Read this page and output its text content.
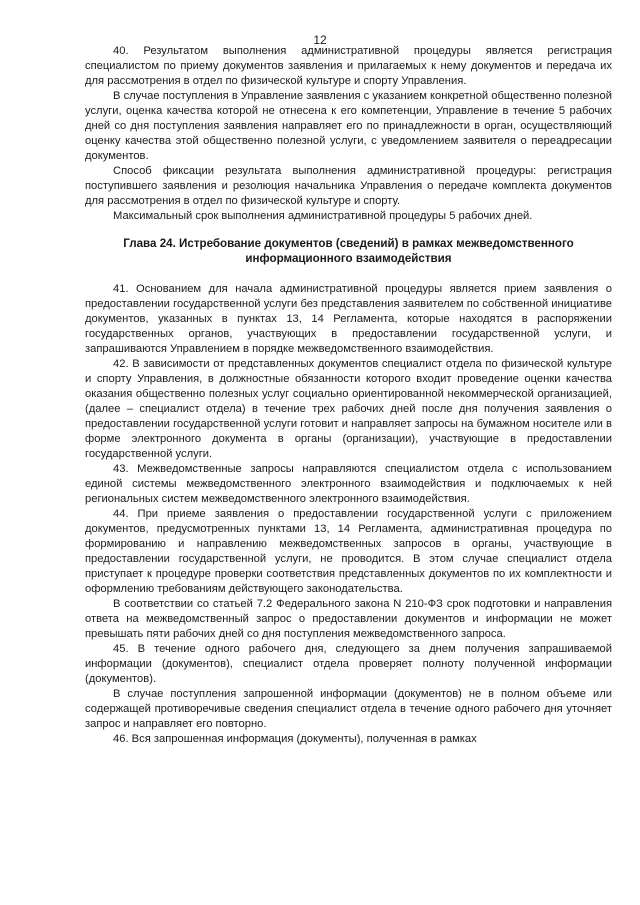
12

40. Результатом выполнения административной процедуры является регистрация специалистом по приему документов заявления и прилагаемых к нему документов и передача их для рассмотрения в отдел по физической культуре и спорту Управления.

В случае поступления в Управление заявления с указанием конкретной общественно полезной услуги, оценка качества которой не отнесена к его компетенции, Управление в течение 5 рабочих дней со дня поступления заявления направляет его по принадлежности в орган, осуществляющий оценку качества этой общественно полезной услуги, с уведомлением заявителя о переадресации документов.

Способ фиксации результата выполнения административной процедуры: регистрация поступившего заявления и резолюция начальника Управления о передаче комплекта документов для рассмотрения в отдел по физической культуре и спорту.

Максимальный срок выполнения административной процедуры 5 рабочих дней.

Глава 24. Истребование документов (сведений) в рамках межведомственного информационного взаимодействия

41. Основанием для начала административной процедуры является прием заявления о предоставлении государственной услуги без представления заявителем по собственной инициативе документов, указанных в пунктах 13, 14 Регламента, которые находятся в распоряжении государственных органов, участвующих в предоставлении государственной услуги, и запрашиваются Управлением в порядке межведомственного взаимодействия.

42. В зависимости от представленных документов специалист отдела по физической культуре и спорту Управления, в должностные обязанности которого входит проведение оценки качества оказания общественно полезных услуг социально ориентированной некоммерческой организацией, (далее – специалист отдела) в течение трех рабочих дней после дня получения заявления о предоставлении государственной услуги готовит и направляет запросы на бумажном носителе или в форме электронного документа в органы (организации), участвующие в предоставлении государственной услуги.

43. Межведомственные запросы направляются специалистом отдела с использованием единой системы межведомственного электронного взаимодействия и подключаемых к ней региональных систем межведомственного электронного взаимодействия.

44. При приеме заявления о предоставлении государственной услуги с приложением документов, предусмотренных пунктами 13, 14 Регламента, административная процедура по формированию и направлению межведомственных запросов в органы, участвующие в предоставлении государственной услуги, не проводится. В этом случае специалист отдела приступает к процедуре проверки соответствия представленных документов по их комплектности и оформлению требованиям действующего законодательства.

В соответствии со статьей 7.2 Федерального закона N 210-ФЗ срок подготовки и направления ответа на межведомственный запрос о предоставлении документов и информации не может превышать пяти рабочих дней со дня поступления межведомственного запроса.

45. В течение одного рабочего дня, следующего за днем получения запрашиваемой информации (документов), специалист отдела проверяет полноту полученной информации (документов).

В случае поступления запрошенной информации (документов) не в полном объеме или содержащей противоречивые сведения специалист отдела в течение одного рабочего дня уточняет запрос и направляет его повторно.

46. Вся запрошенная информация (документы), полученная в рамках
